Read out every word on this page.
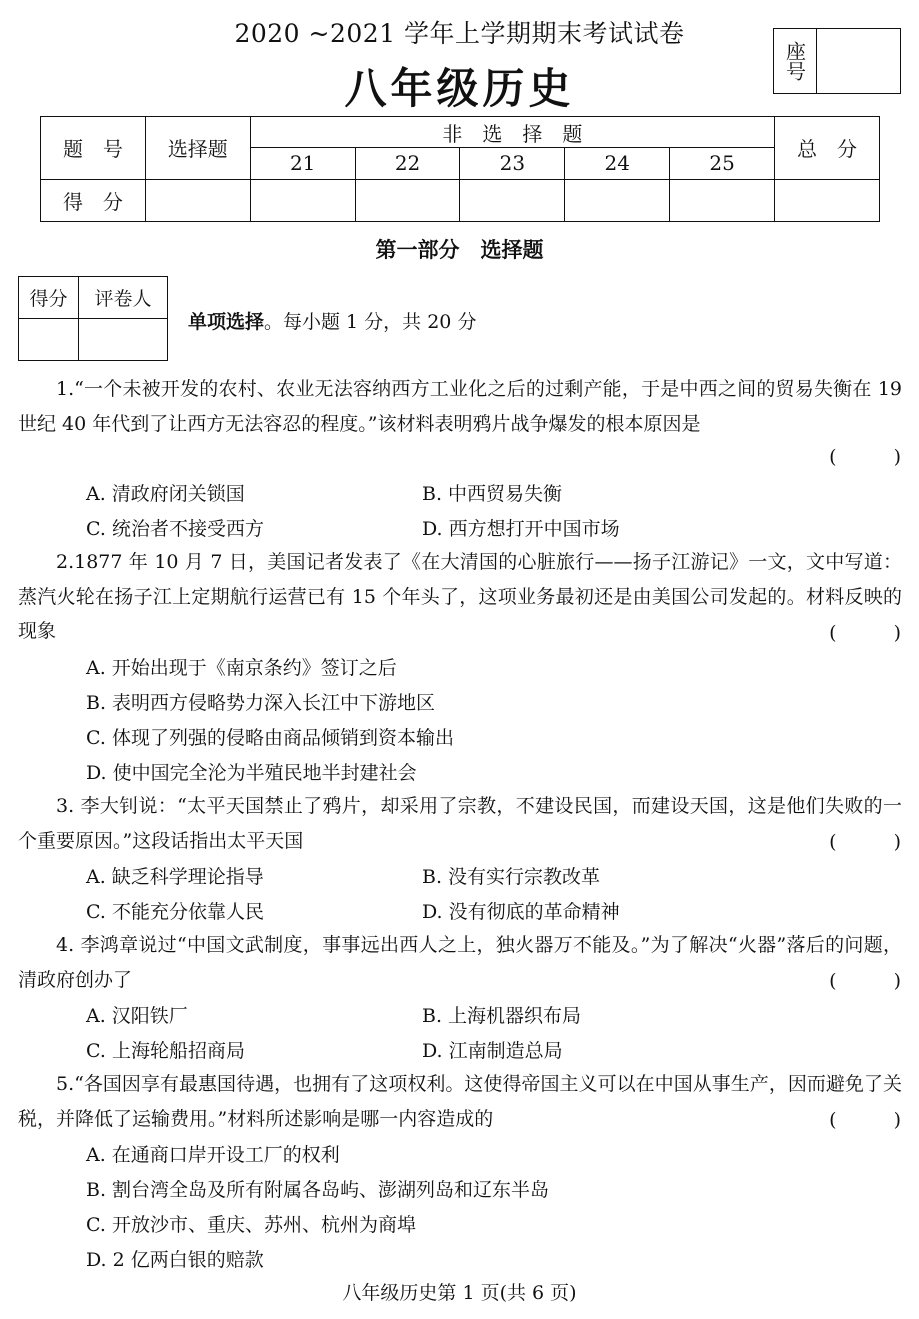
2020 ~2021 学年上学期期末考试试卷
八年级历史
座号
题　号	选择题	非　选　择　题					总　分
		21	22	23	24	25	
得　分							
第一部分　选择题
得分	评卷人

单项选择。每小题 1 分，共 20 分
1.“一个未被开发的农村、农业无法容纳西方工业化之后的过剩产能，于是中西之间的贸易失衡在 19 世纪 40 年代到了让西方无法容忍的程度。”该材料表明鸦片战争爆发的根本原因是
(　　　)
A. 清政府闭关锁国	B. 中西贸易失衡
C. 统治者不接受西方	D. 西方想打开中国市场
2.1877 年 10 月 7 日，美国记者发表了《在大清国的心脏旅行——扬子江游记》一文，文中写道：蒸汽火轮在扬子江上定期航行运营已有 15 个年头了，这项业务最初还是由美国公司发起的。材料反映的现象	(　　　)
A. 开始出现于《南京条约》签订之后
B. 表明西方侵略势力深入长江中下游地区
C. 体现了列强的侵略由商品倾销到资本输出
D. 使中国完全沦为半殖民地半封建社会
3. 李大钊说：“太平天国禁止了鸦片，却采用了宗教，不建设民国，而建设天国，这是他们失败的一个重要原因。”这段话指出太平天国	(　　　)
A. 缺乏科学理论指导	B. 没有实行宗教改革
C. 不能充分依靠人民	D. 没有彻底的革命精神
4. 李鸿章说过“中国文武制度，事事远出西人之上，独火器万不能及。”为了解决“火器”落后的问题，清政府创办了	(　　　)
A. 汉阳铁厂	B. 上海机器织布局
C. 上海轮船招商局	D. 江南制造总局
5.“各国因享有最惠国待遇，也拥有了这项权利。这使得帝国主义可以在中国从事生产，因而避免了关税，并降低了运输费用。”材料所述影响是哪一内容造成的	(　　　)
A. 在通商口岸开设工厂的权利
B. 割台湾全岛及所有附属各岛屿、澎湖列岛和辽东半岛
C. 开放沙市、重庆、苏州、杭州为商埠
D. 2 亿两白银的赔款
八年级历史第 1 页(共 6 页)
